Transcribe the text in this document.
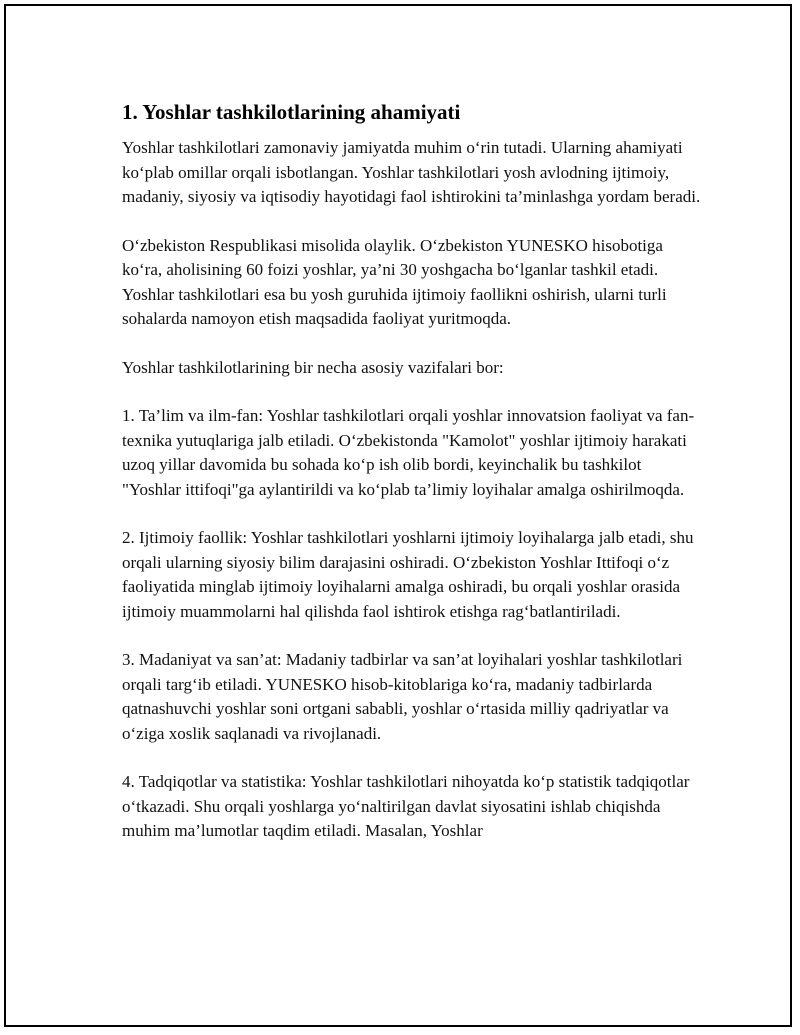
1. Yoshlar tashkilotlarining ahamiyati

Yoshlar tashkilotlari zamonaviy jamiyatda muhim o‘rin tutadi. Ularning ahamiyati ko‘plab omillar orqali isbotlangan. Yoshlar tashkilotlari yosh avlodning ijtimoiy, madaniy, siyosiy va iqtisodiy hayotidagi faol ishtirokini ta’minlashga yordam beradi.

O‘zbekiston Respublikasi misolida olaylik. O‘zbekiston YUNESKO hisobotiga ko‘ra, aholisining 60 foizi yoshlar, ya’ni 30 yoshgacha bo‘lganlar tashkil etadi. Yoshlar tashkilotlari esa bu yosh guruhida ijtimoiy faollikni oshirish, ularni turli sohalarda namoyon etish maqsadida faoliyat yuritmoqda.

Yoshlar tashkilotlarining bir necha asosiy vazifalari bor:

1. Ta’lim va ilm-fan: Yoshlar tashkilotlari orqali yoshlar innovatsion faoliyat va fan-texnika yutuqlariga jalb etiladi. O‘zbekistonda "Kamolot" yoshlar ijtimoiy harakati uzoq yillar davomida bu sohada ko‘p ish olib bordi, keyinchalik bu tashkilot "Yoshlar ittifoqi"ga aylantirildi va ko‘plab ta’limiy loyihalar amalga oshirilmoqda.

2. Ijtimoiy faollik: Yoshlar tashkilotlari yoshlarni ijtimoiy loyihalarga jalb etadi, shu orqali ularning siyosiy bilim darajasini oshiradi. O‘zbekiston Yoshlar Ittifoqi o‘z faoliyatida minglab ijtimoiy loyihalarni amalga oshiradi, bu orqali yoshlar orasida ijtimoiy muammolarni hal qilishda faol ishtirok etishga rag‘batlantiriladi.

3. Madaniyat va san’at: Madaniy tadbirlar va san’at loyihalari yoshlar tashkilotlari orqali targ‘ib etiladi. YUNESKO hisob-kitoblariga ko‘ra, madaniy tadbirlarda qatnashuvchi yoshlar soni ortgani sababli, yoshlar o‘rtasida milliy qadriyatlar va o‘ziga xoslik saqlanadi va rivojlanadi.

4. Tadqiqotlar va statistika: Yoshlar tashkilotlari nihoyatda ko‘p statistik tadqiqotlar o‘tkazadi. Shu orqali yoshlarga yo‘naltirilgan davlat siyosatini ishlab chiqishda muhim ma’lumotlar taqdim etiladi. Masalan, Yoshlar
